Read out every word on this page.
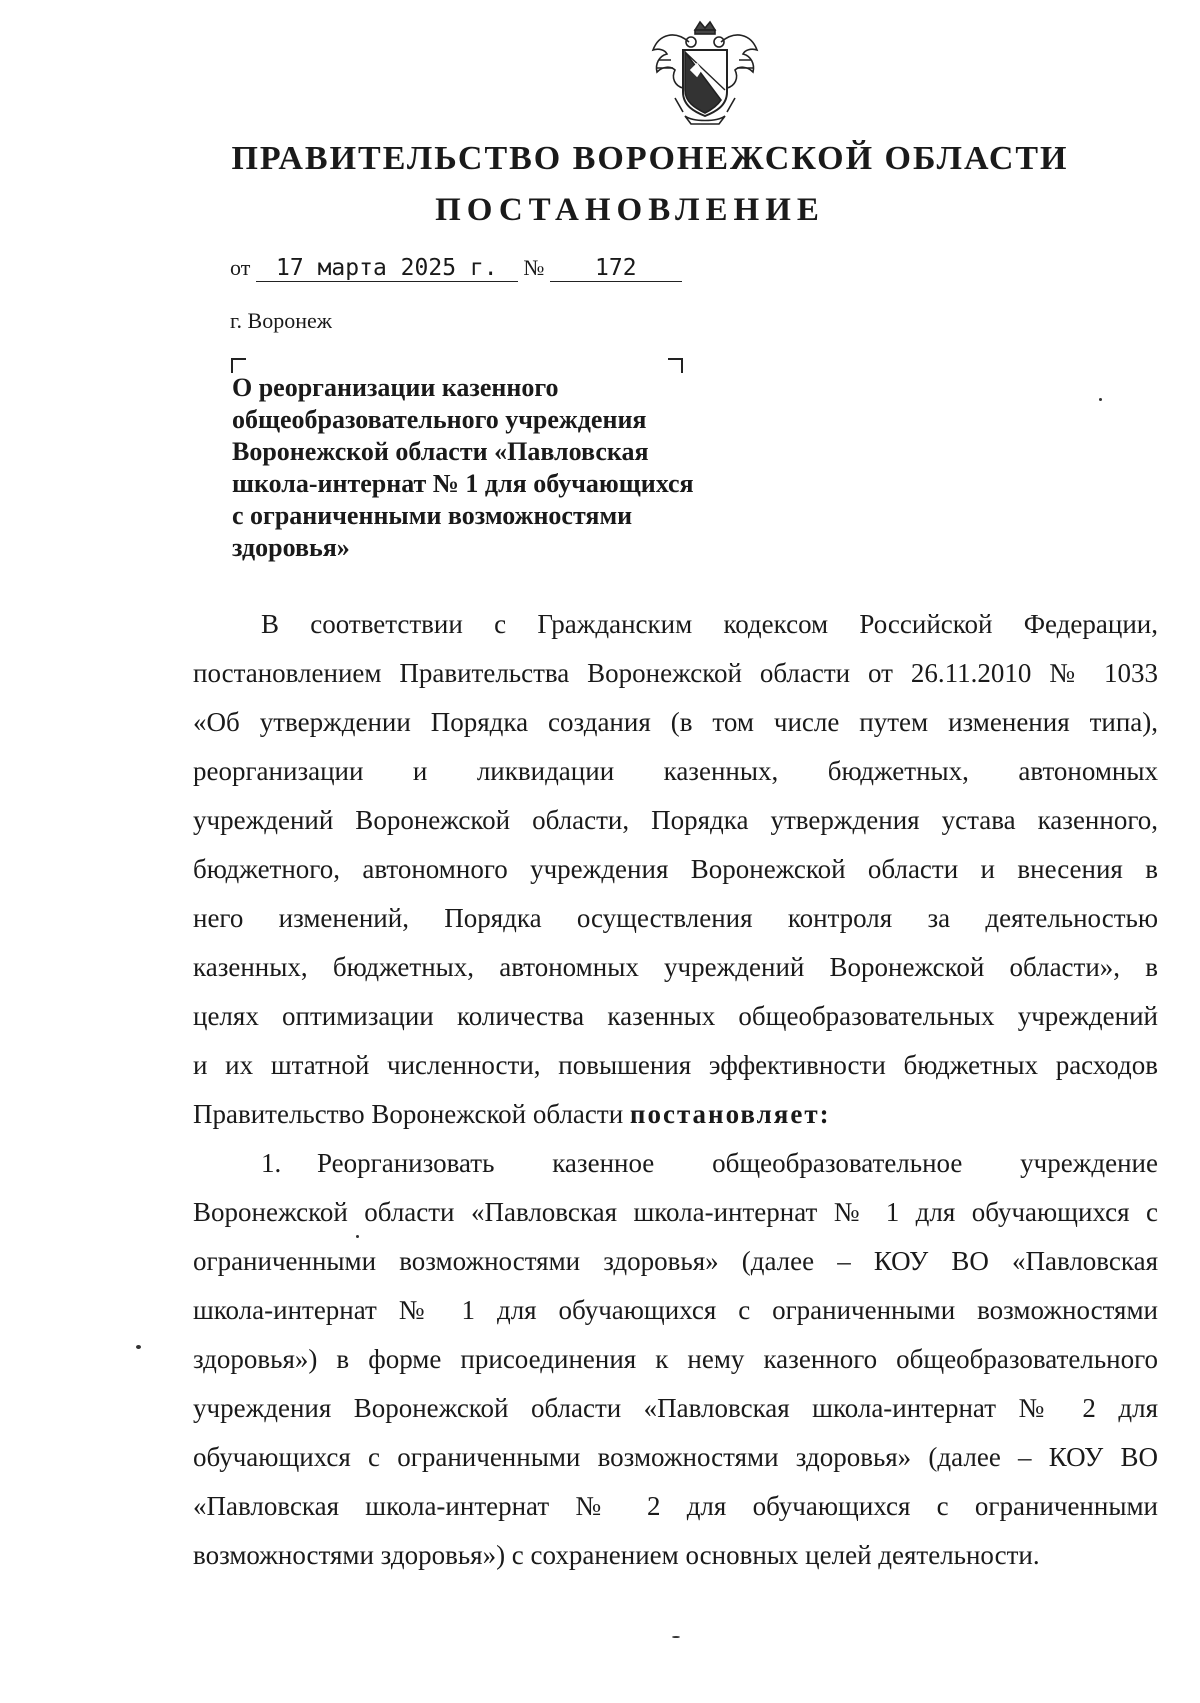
ПРАВИТЕЛЬСТВО ВОРОНЕЖСКОЙ ОБЛАСТИ
ПОСТАНОВЛЕНИЕ
от 17 марта 2025 г. № 172
г. Воронеж
О реорганизации казенного
общеобразовательного учреждения
Воронежской области «Павловская
школа-интернат № 1 для обучающихся
с ограниченными возможностями
здоровья»
В соответствии с Гражданским кодексом Российской Федерации,
постановлением Правительства Воронежской области от 26.11.2010 № 1033
«Об утверждении Порядка создания (в том числе путем изменения типа),
реорганизации и ликвидации казенных, бюджетных, автономных
учреждений Воронежской области, Порядка утверждения устава казенного,
бюджетного, автономного учреждения Воронежской области и внесения в
него изменений, Порядка осуществления контроля за деятельностью
казенных, бюджетных, автономных учреждений Воронежской области», в
целях оптимизации количества казенных общеобразовательных учреждений
и их штатной численности, повышения эффективности бюджетных расходов
Правительство Воронежской области постановляет:
1. Реорганизовать казенное общеобразовательное учреждение
Воронежской области «Павловская школа-интернат № 1 для обучающихся с
ограниченными возможностями здоровья» (далее – КОУ ВО «Павловская
школа-интернат № 1 для обучающихся с ограниченными возможностями
здоровья») в форме присоединения к нему казенного общеобразовательного
учреждения Воронежской области «Павловская школа-интернат № 2 для
обучающихся с ограниченными возможностями здоровья» (далее – КОУ ВО
«Павловская школа-интернат № 2 для обучающихся с ограниченными
возможностями здоровья») с сохранением основных целей деятельности.
